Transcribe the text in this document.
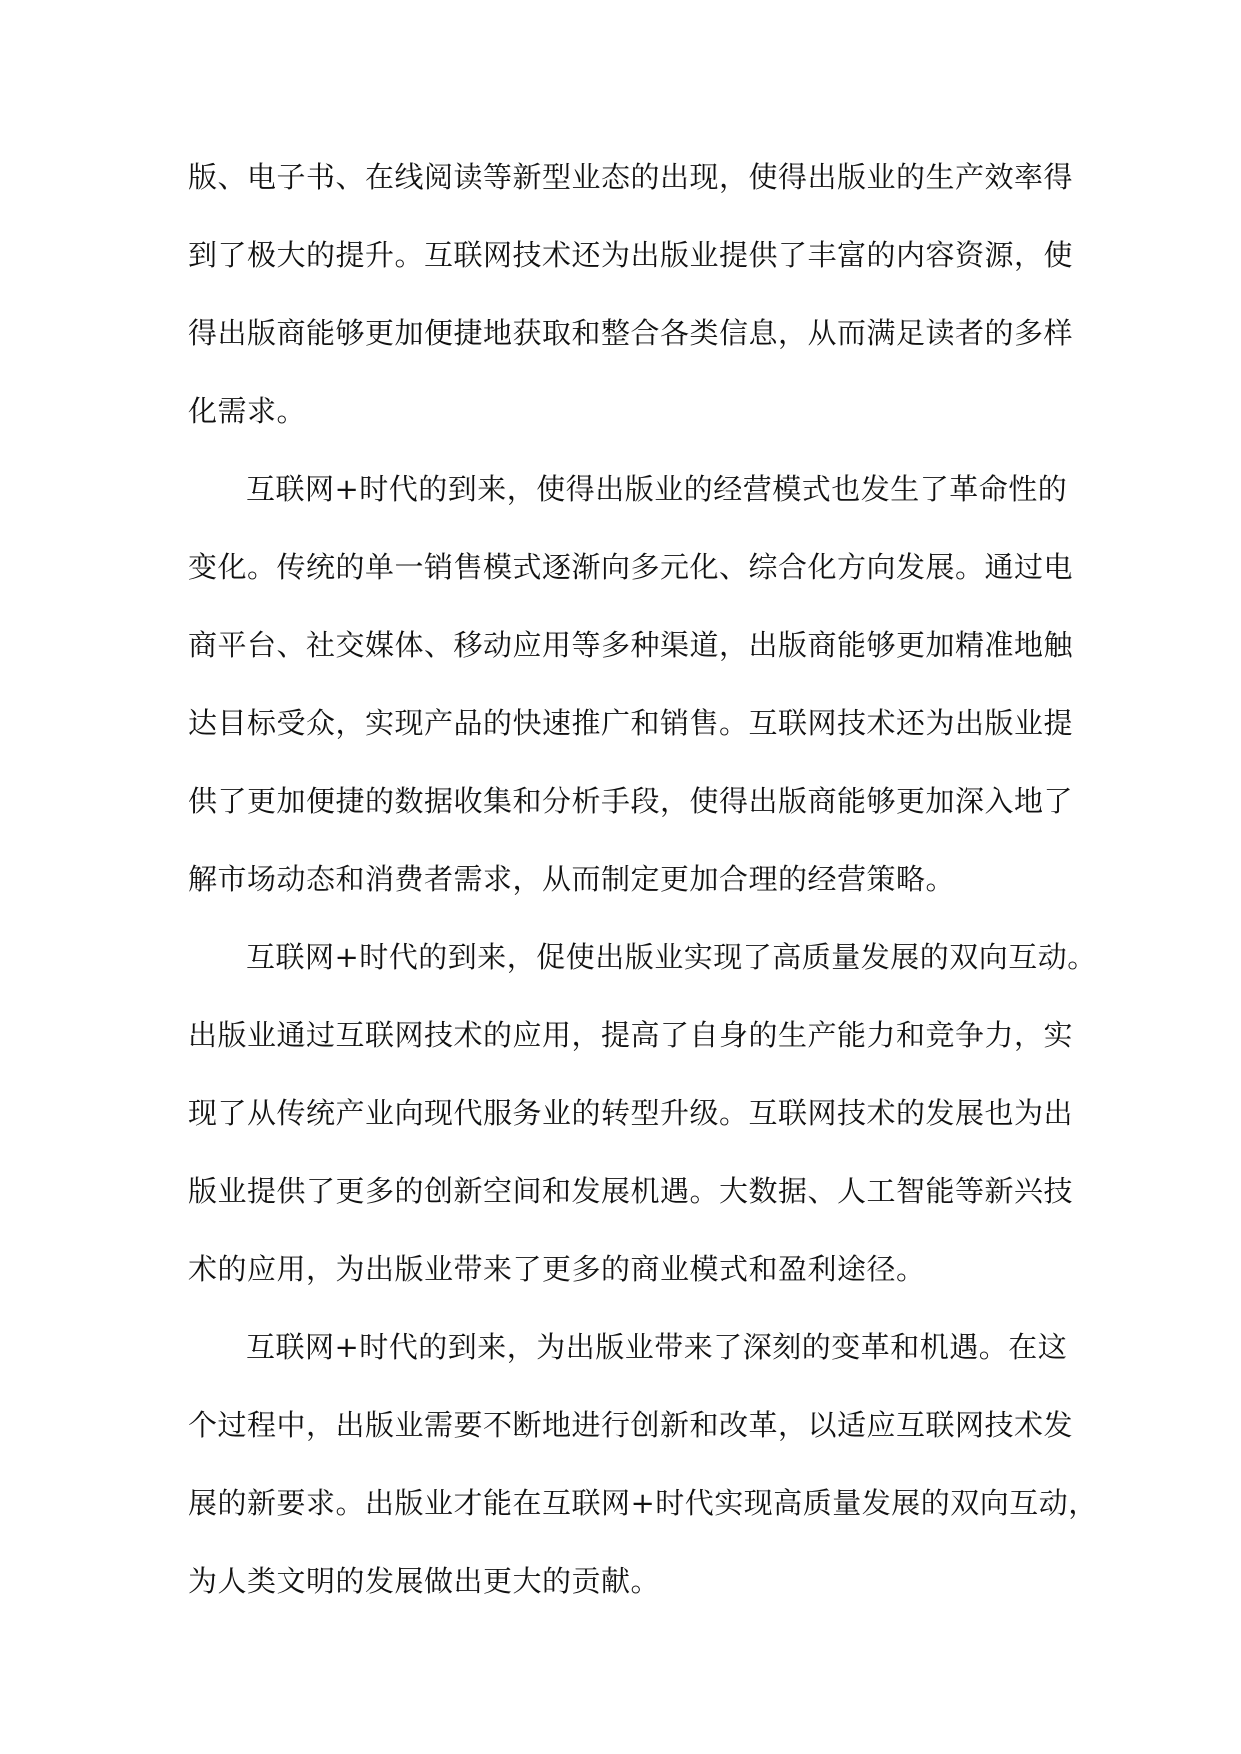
版、电子书、在线阅读等新型业态的出现，使得出版业的生产效率得
到了极大的提升。互联网技术还为出版业提供了丰富的内容资源，使
得出版商能够更加便捷地获取和整合各类信息，从而满足读者的多样
化需求。
互联网+时代的到来，使得出版业的经营模式也发生了革命性的
变化。传统的单一销售模式逐渐向多元化、综合化方向发展。通过电
商平台、社交媒体、移动应用等多种渠道，出版商能够更加精准地触
达目标受众，实现产品的快速推广和销售。互联网技术还为出版业提
供了更加便捷的数据收集和分析手段，使得出版商能够更加深入地了
解市场动态和消费者需求，从而制定更加合理的经营策略。
互联网+时代的到来，促使出版业实现了高质量发展的双向互动。
出版业通过互联网技术的应用，提高了自身的生产能力和竞争力，实
现了从传统产业向现代服务业的转型升级。互联网技术的发展也为出
版业提供了更多的创新空间和发展机遇。大数据、人工智能等新兴技
术的应用，为出版业带来了更多的商业模式和盈利途径。
互联网+时代的到来，为出版业带来了深刻的变革和机遇。在这
个过程中，出版业需要不断地进行创新和改革，以适应互联网技术发
展的新要求。出版业才能在互联网+时代实现高质量发展的双向互动，
为人类文明的发展做出更大的贡献。
